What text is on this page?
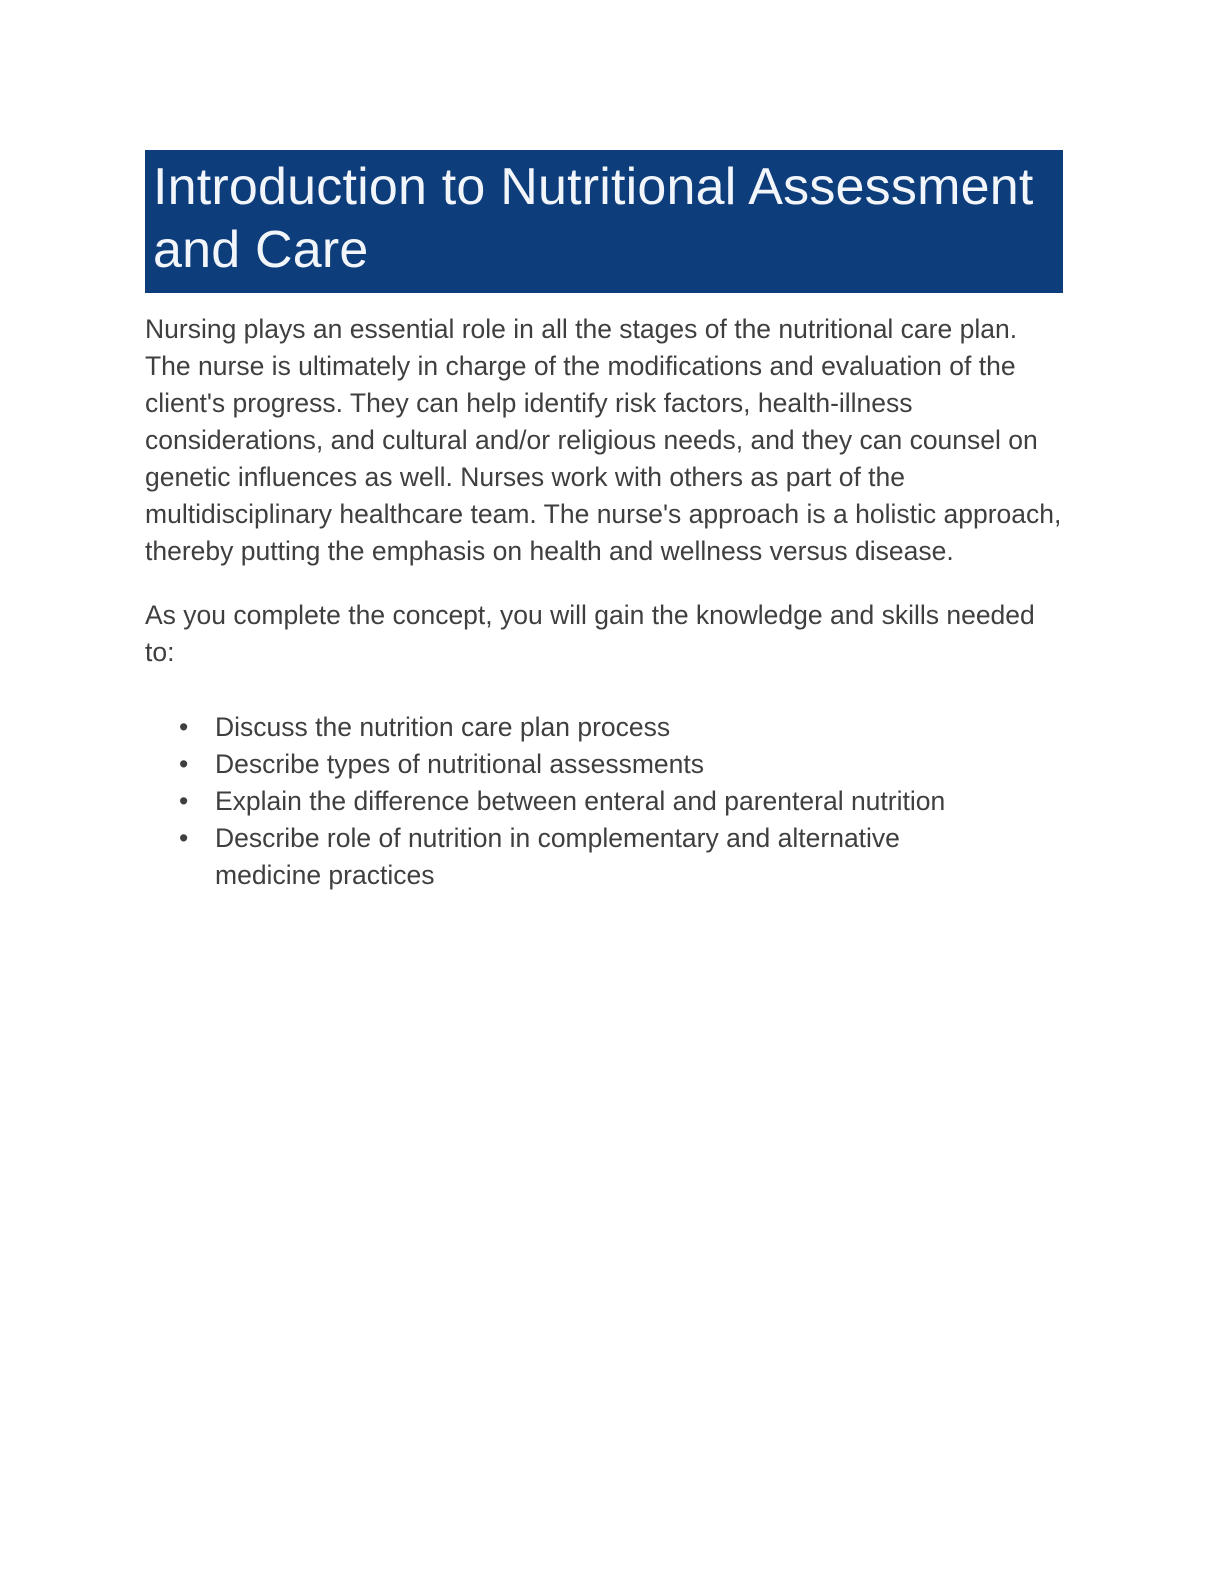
Introduction to Nutritional Assessment and Care

Nursing plays an essential role in all the stages of the nutritional care plan. The nurse is ultimately in charge of the modifications and evaluation of the client's progress. They can help identify risk factors, health-illness considerations, and cultural and/or religious needs, and they can counsel on genetic influences as well. Nurses work with others as part of the multidisciplinary healthcare team. The nurse's approach is a holistic approach, thereby putting the emphasis on health and wellness versus disease.

As you complete the concept, you will gain the knowledge and skills needed to:

•	Discuss the nutrition care plan process
•	Describe types of nutritional assessments
•	Explain the difference between enteral and parenteral nutrition
•	Describe role of nutrition in complementary and alternative medicine practices
